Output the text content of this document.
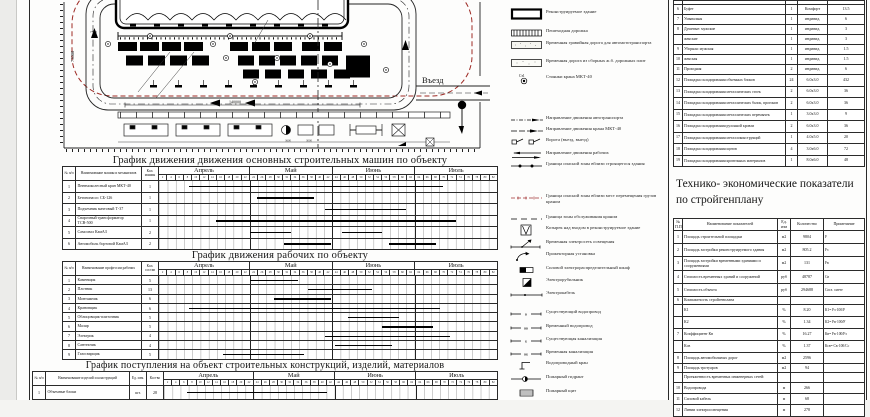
140000
73000
7500
3600	3000
Въезд
График движения движения основных строительных машин по объекту
№ п/п	Наименование машин и механизмов	Кол. машин	Апрель											Май										Июнь										Июль									
			2	4	6	8	10	12	14	16	18	20	22	24	26	28	30	32	34	36	38	40	42	44	46	48	50	52	54	56	58	60	62	64	66	68	70	72	74	76	78	80	82
1	Пневмоколесный кран МКТ-40	1																																									

2	Бетононасос СБ-126	1																																									

3	Подъемник мачтовый Т-37	1																																									

4	Сварочный трансформатор ТСВ-500	1																																									

5	Самосвал КамАЗ	2																																									

6	Автомобиль бортовой КамАЗ	2																																									
График движения рабочих по объекту
№ п/п	Наименование профессии рабочих	Кол. состав	Апрель											Май										Июнь										Июль									
			2	4	6	8	10	12	14	16	18	20	22	24	26	28	30	32	34	36	38	40	42	44	46	48	50	52	54	56	58	60	62	64	66	68	70	72	74	76	78	80	82
1	Каменщик	5																																									

2	Плотник	13																																									

3	Монтажник	6																																									

4	Крановщик	6																																									

5	Облицовщик-плиточник	5																																									

6	Маляр	5																																									

7	Электрик	4																																									

8	Сантехник	4																																									

9	Газосварщик	5																																									
График поступления на объект строительных конструкций, изделий, материалов
№ п/п	Наименование изделий и конструкций	Ед. изм.	Кол-во	Апрель											Май										Июнь										Июль									
				2	4	6	8	10	12	14	16	18	20	22	24	26	28	30	32	34	36	38	40	42	44	46	48	50	52	54	56	58	60	62	64	66	68	70	72	74	76	78	80	82
1	Объемные блоки	шт.	28																																									
Реконструируемое здание
Пешеходная дорожка
Временная гравийная дорога для автомототранспорта
Временная дорога из сборных ж.б. дорожных плит
Ст1	Стоянки крана МКТ-40
Направление движения автотранспорта
Направление движения крана МКТ-40
Ворота (въезд, выезд)
Направление движения рабочих
Граница опасной зоны вблизи строящегося здания
Граница опасной зоны вблизи мест перемещения грузов краном
Граница зоны обслуживания краном
Козырек над входом в реконструируемое здание
Временная электросеть освещения
Прожекторная установка
Силовой электрораспределительный шкаф
Электрорубильник
Электрокабель
в
Существующий водопровод
вв
Временный водопровод
к
Существующая канализация
вк
Временная канализация
Водопроводный кран
Пожарный гидрант
Пожарный щит

6	Буфет	1	Комфорт	13.5
7	Умывальня	1	индивид.	6
8	Душевые: мужские	1	индивид.	3
	женские	1	индивид.	3
9	Уборная: мужская	1	индивид.	1.5
10	женская	1	индивид.	1.5
11	Проходная	2	индивид.	6
12	Площадка складирования объемных блоков	24	6.0х3.0	432
13	Площадка складирования металлических стоек	2	6.0х3.0	36
14	Площадка складирования металлических балок, прогонов	2	6.0х3.0	36
15	Площадка складирования металлических перемычек	1	3.0х3.0	9
16	Площадка складирования рулонной кровли	2	6.0х3.0	36
17	Площадка складирования металлоконструкций	1	4.0х5.0	20
18	Площадка складирования щитов	4	3.0х6.0	72
19	Площадка складирования кровельных материалов	1	8.0х6.0	48
Технико- экономические показатели
по стройгенплану
№ П.П	Наименование показателей	Ед. изм	Количество	Примечание
1	Площадь строительной площадки	м2	9804	F
2	Площадь застройки реконструируемого здания	м2	805.2	Fз
3	Площадь застройки временными зданиями и сооружениями	м2	131	Fв
4	Стоимость временных зданий и сооружений	руб	48787	Св
5	Стоимость объекта	руб	294688	Согл. смете
6	Компактность стройгенплана			
	К1	%	8.20	К1= Fз·100/F
	К2	%	1.34	К2= Fв·100/F
7	Коэффициент Кв	%	16.27	Кв= Fв·100/Fз
	Ксв	%	1.37	Ксв= Св·100/Сс
8	Площадь автомобильных дорог	м2	2596	
9	Площадь тротуаров	м2	94	
	Протяженность временных инженерных сетей:			
10	Водопровода	м	266	
11	Силовой кабель	м	68	
12	Линии электроосвещения	м	278	
